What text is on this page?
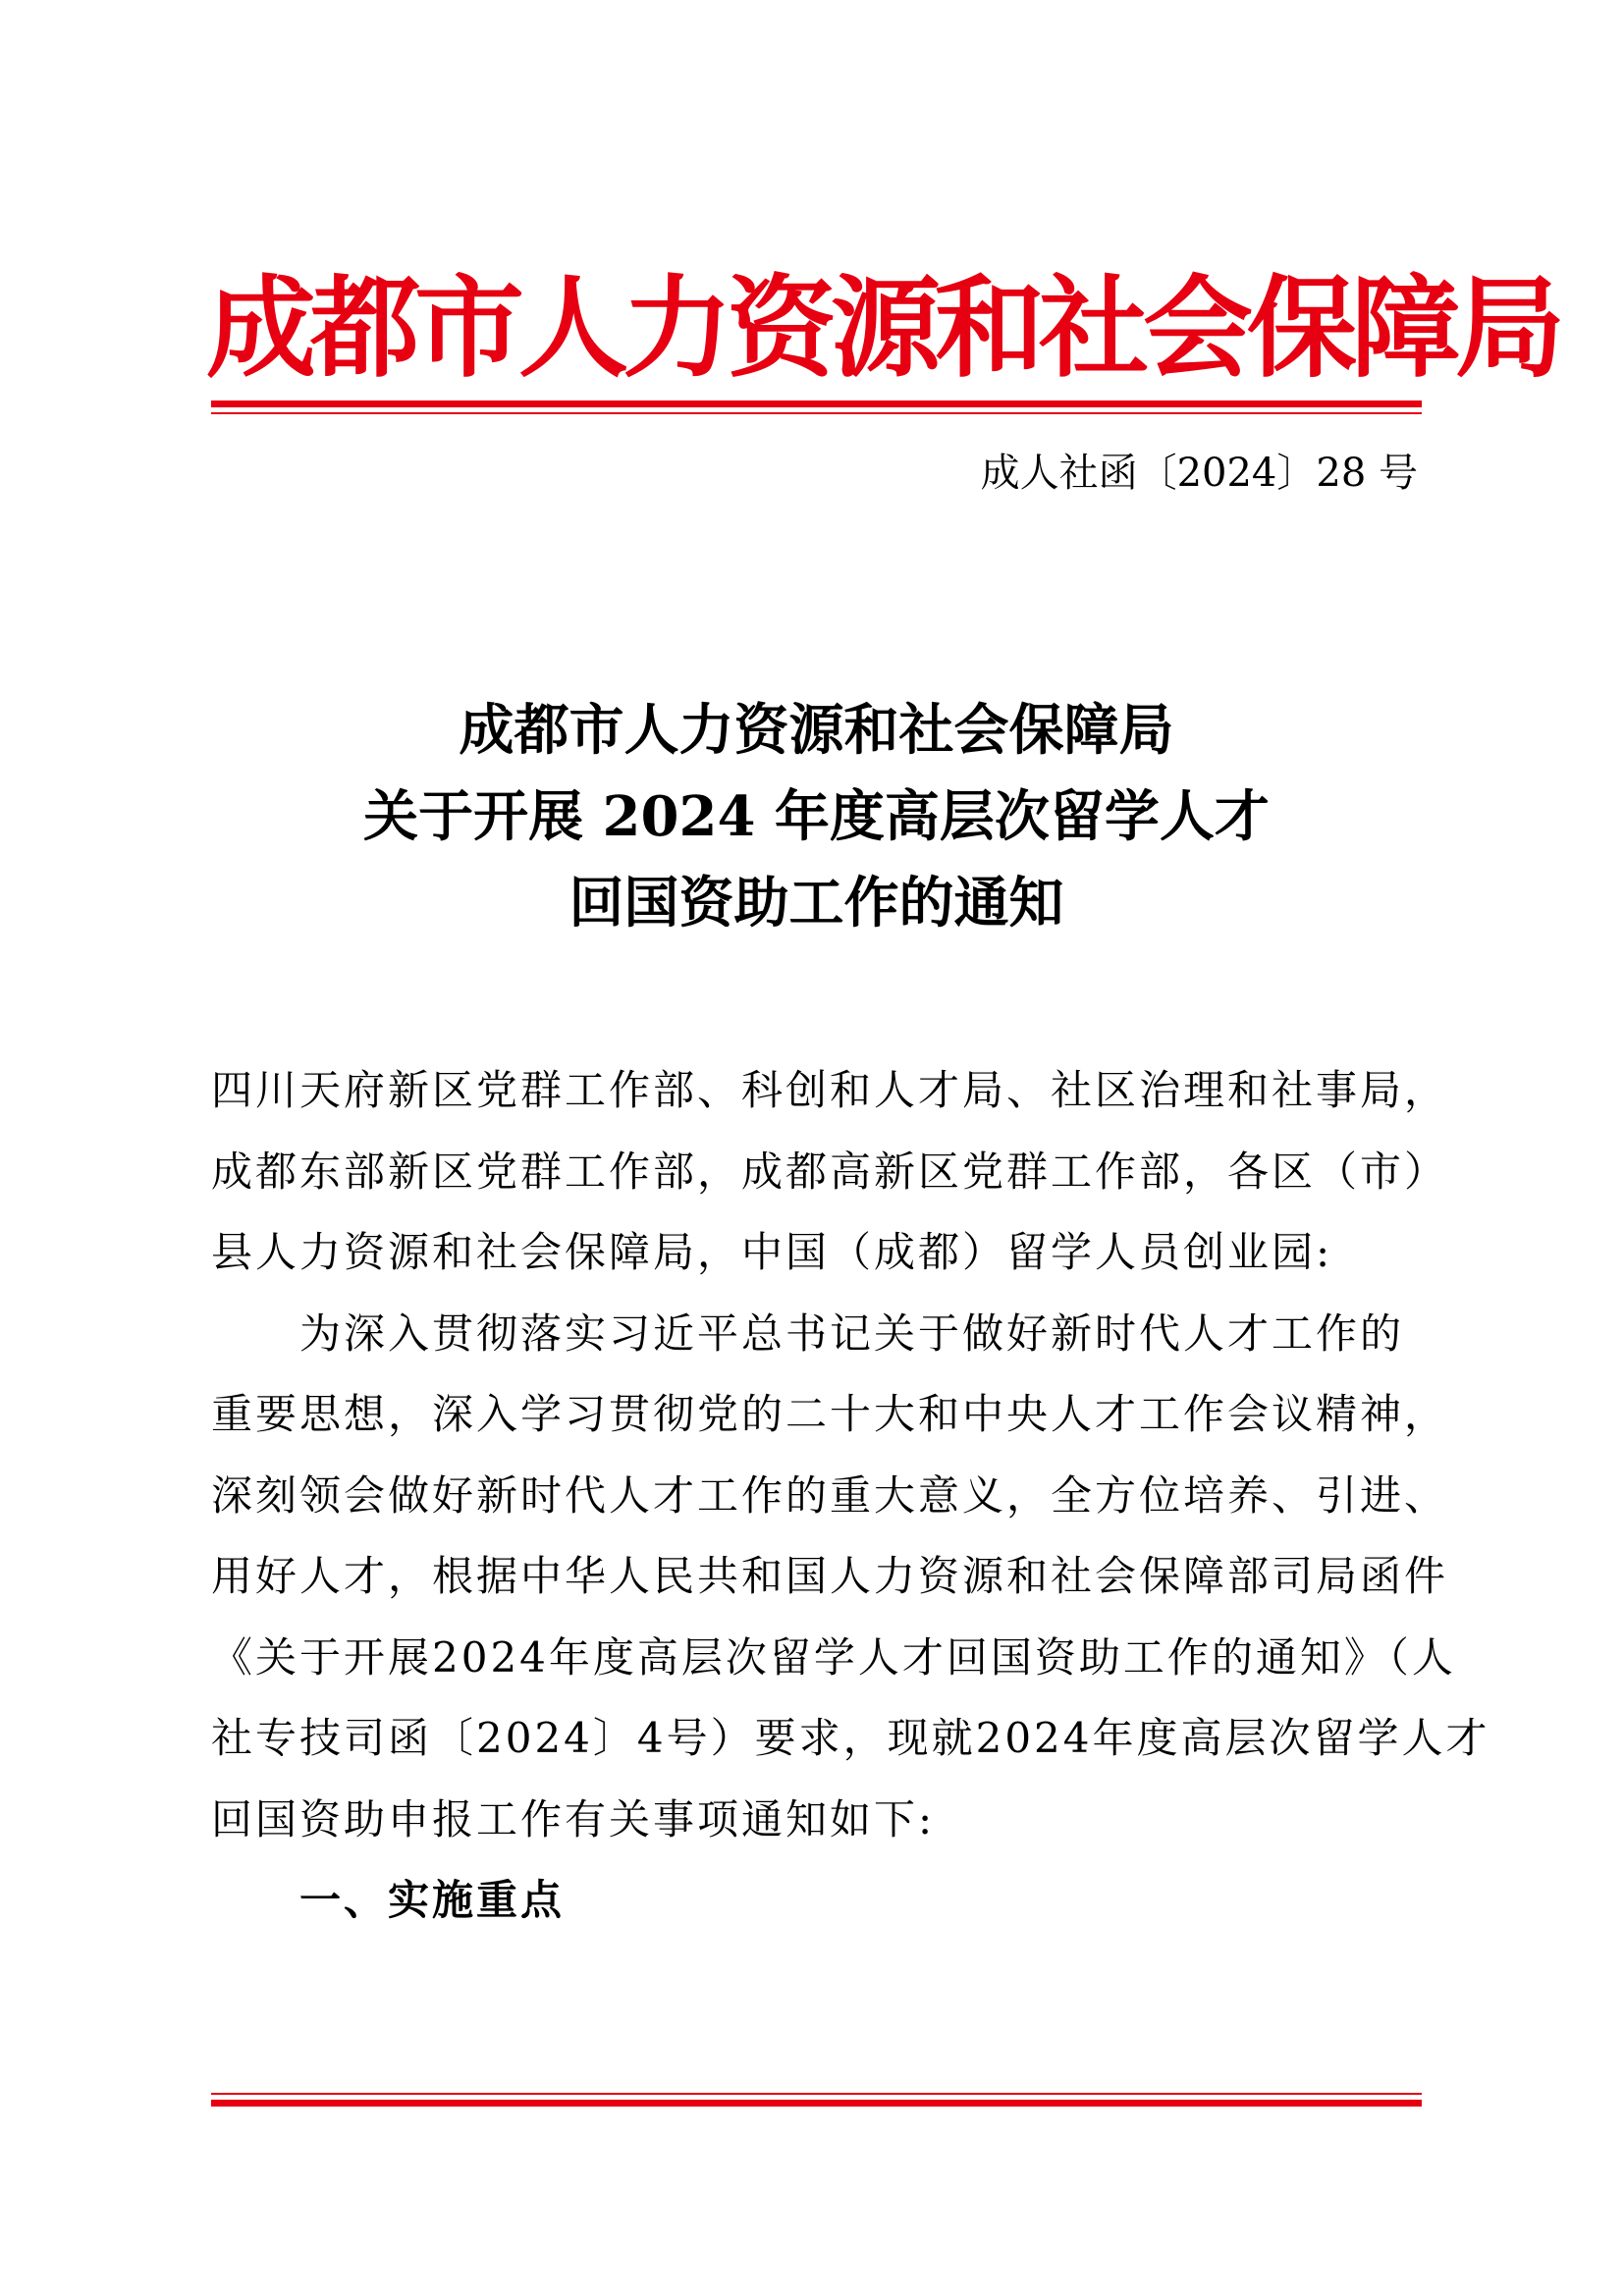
成都市人力资源和社会保障局
成人社函〔2024〕28 号
成都市人力资源和社会保障局
关于开展 2024 年度高层次留学人才
回国资助工作的通知
四川天府新区党群工作部、科创和人才局、社区治理和社事局，
成都东部新区党群工作部，成都高新区党群工作部，各区（市）
县人力资源和社会保障局，中国（成都）留学人员创业园:
为深入贯彻落实习近平总书记关于做好新时代人才工作的
重要思想，深入学习贯彻党的二十大和中央人才工作会议精神，
深刻领会做好新时代人才工作的重大意义，全方位培养、引进、
用好人才，根据中华人民共和国人力资源和社会保障部司局函件
《关于开展2024年度高层次留学人才回国资助工作的通知》（人
社专技司函〔2024〕4号）要求，现就2024年度高层次留学人才
回国资助申报工作有关事项通知如下:
一、实施重点
